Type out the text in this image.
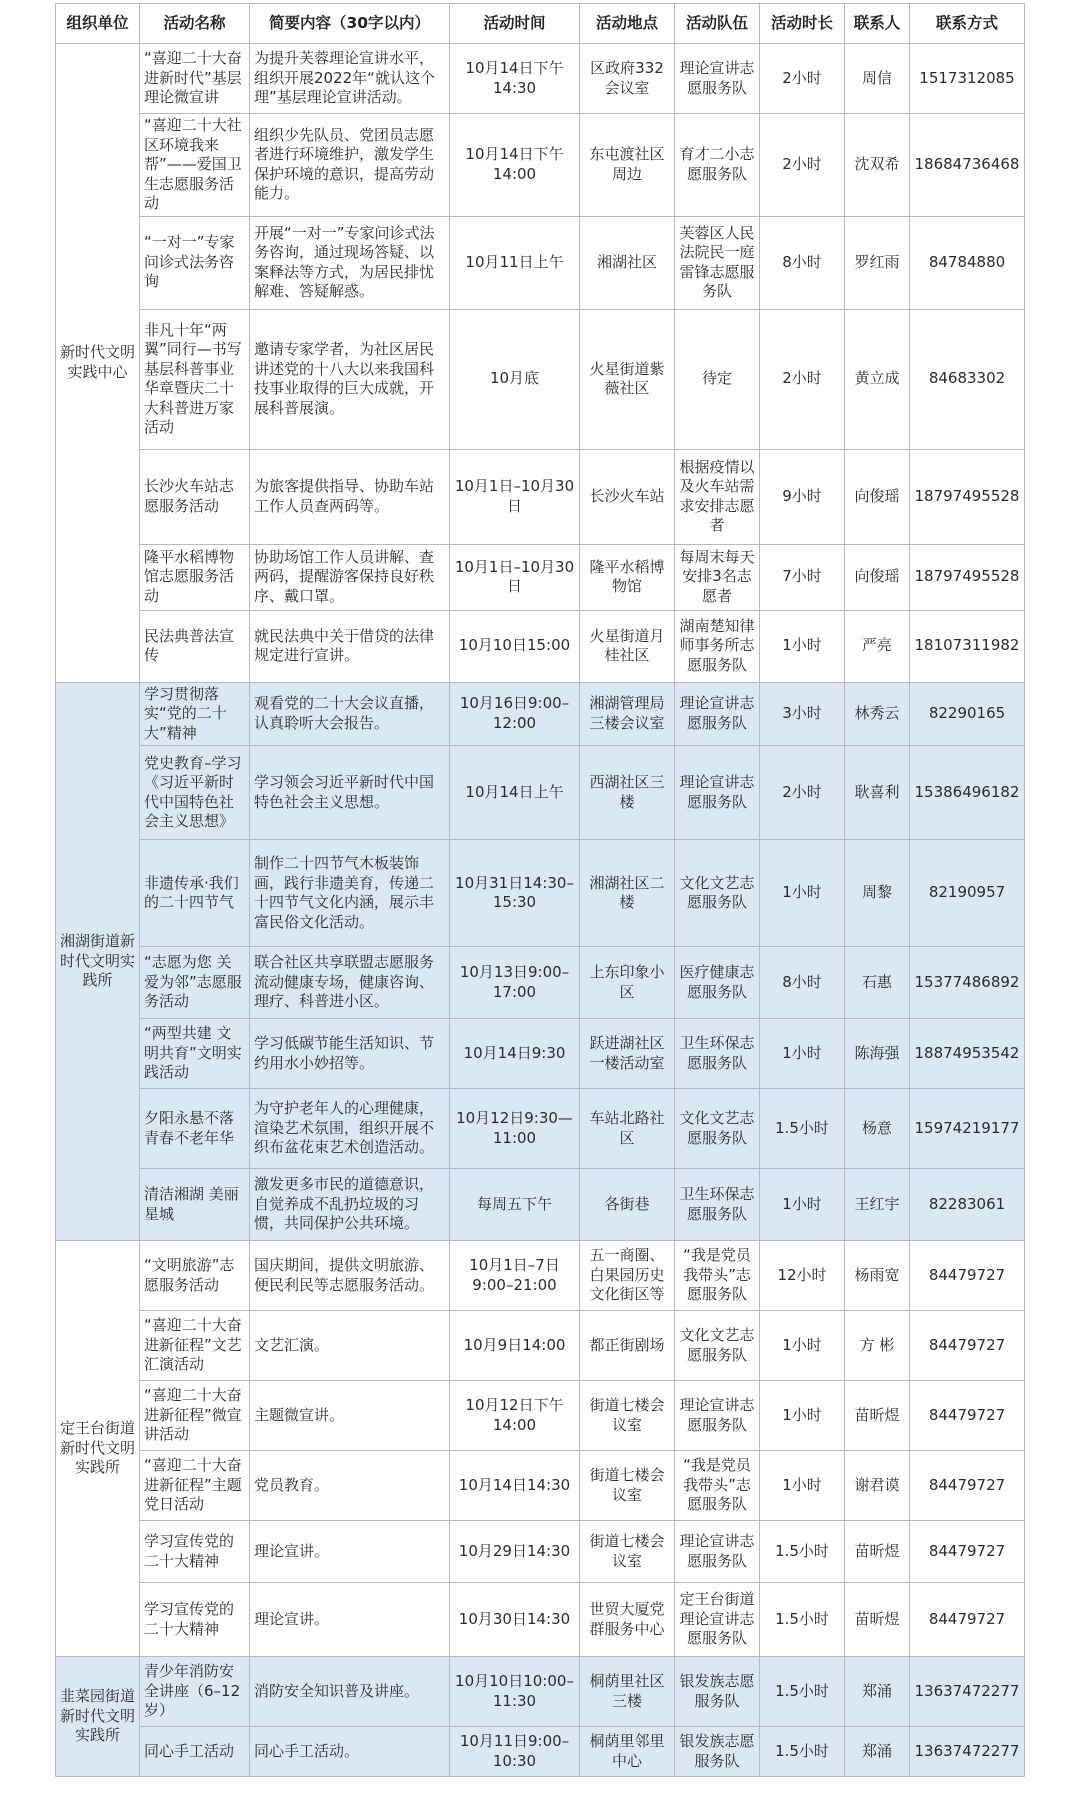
组织单位	活动名称	简要内容（30字以内）	活动时间	活动地点	活动队伍	活动时长	联系人	联系方式
新时代文明实践中心	“喜迎二十大奋进新时代”基层理论微宣讲	为提升芙蓉理论宣讲水平，组织开展2022年“就认这个理”基层理论宣讲活动。	10月14日下午14:30	区政府332会议室	理论宣讲志愿服务队	2小时	周信	1517312085
	“喜迎二十大社区环境我来帮”——爱国卫生志愿服务活动	组织少先队员、党团员志愿者进行环境维护，激发学生保护环境的意识，提高劳动能力。	10月14日下午14:00	东屯渡社区周边	育才二小志愿服务队	2小时	沈双希	18684736468
	“一对一”专家问诊式法务咨询	开展“一对一”专家问诊式法务咨询，通过现场答疑、以案释法等方式，为居民排忧解难、答疑解惑。	10月11日上午	湘湖社区	芙蓉区人民法院民一庭雷锋志愿服务队	8小时	罗红雨	84784880
	非凡十年“两翼”同行—书写基层科普事业华章暨庆二十大科普进万家活动	邀请专家学者，为社区居民讲述党的十八大以来我国科技事业取得的巨大成就，开展科普展演。	10月底	火星街道紫薇社区	待定	2小时	黄立成	84683302
	长沙火车站志愿服务活动	为旅客提供指导、协助车站工作人员查两码等。	10月1日–10月30日	长沙火车站	根据疫情以及火车站需求安排志愿者	9小时	向俊瑶	18797495528
	隆平水稻博物馆志愿服务活动	协助场馆工作人员讲解、查两码，提醒游客保持良好秩序、戴口罩。	10月1日–10月30日	隆平水稻博物馆	每周末每天安排3名志愿者	7小时	向俊瑶	18797495528
	民法典普法宣传	就民法典中关于借贷的法律规定进行宣讲。	10月10日15:00	火星街道月桂社区	湖南楚知律师事务所志愿服务队	1小时	严亮	18107311982
湘湖街道新时代文明实践所	学习贯彻落实“党的二十大”精神	观看党的二十大会议直播，认真聆听大会报告。	10月16日9:00–12:00	湘湖管理局三楼会议室	理论宣讲志愿服务队	3小时	林秀云	82290165
	党史教育–学习《习近平新时代中国特色社会主义思想》	学习领会习近平新时代中国特色社会主义思想。	10月14日上午	西湖社区三楼	理论宣讲志愿服务队	2小时	耿喜利	15386496182
	非遗传承·我们的二十四节气	制作二十四节气木板装饰画，践行非遗美育，传递二十四节气文化内涵，展示丰富民俗文化活动。	10月31日14:30–15:30	湘湖社区二楼	文化文艺志愿服务队	1小时	周黎	82190957
	“志愿为您 关爱为邻”志愿服务活动	联合社区共享联盟志愿服务流动健康专场，健康咨询、理疗、科普进小区。	10月13日9:00–17:00	上东印象小区	医疗健康志愿服务队	8小时	石惠	15377486892
	“两型共建 文明共育”文明实践活动	学习低碳节能生活知识、节约用水小妙招等。	10月14日9:30	跃进湖社区一楼活动室	卫生环保志愿服务队	1小时	陈海强	18874953542
	夕阳永悬不落青春不老年华	为守护老年人的心理健康，渲染艺术氛围，组织开展不织布盆花束艺术创造活动。	10月12日9:30—11:00	车站北路社区	文化文艺志愿服务队	1.5小时	杨意	15974219177
	清洁湘湖 美丽星城	激发更多市民的道德意识，自觉养成不乱扔垃圾的习惯，共同保护公共环境。	每周五下午	各街巷	卫生环保志愿服务队	1小时	王红宇	82283061
定王台街道新时代文明实践所	“文明旅游”志愿服务活动	国庆期间，提供文明旅游、便民利民等志愿服务活动。	10月1日–7日9:00–21:00	五一商圈、白果园历史文化街区等	“我是党员我带头”志愿服务队	12小时	杨雨宽	84479727
	“喜迎二十大奋进新征程”文艺汇演活动	文艺汇演。	10月9日14:00	都正街剧场	文化文艺志愿服务队	1小时	方 彬	84479727
	“喜迎二十大奋进新征程”微宣讲活动	主题微宣讲。	10月12日下午14:00	街道七楼会议室	理论宣讲志愿服务队	1小时	苗昕煜	84479727
	“喜迎二十大奋进新征程”主题党日活动	党员教育。	10月14日14:30	街道七楼会议室	“我是党员我带头”志愿服务队	1小时	谢君谟	84479727
	学习宣传党的二十大精神	理论宣讲。	10月29日14:30	街道七楼会议室	理论宣讲志愿服务队	1.5小时	苗昕煜	84479727
	学习宣传党的二十大精神	理论宣讲。	10月30日14:30	世贸大厦党群服务中心	定王台街道理论宣讲志愿服务队	1.5小时	苗昕煜	84479727
韭菜园街道新时代文明实践所	青少年消防安全讲座（6–12岁）	消防安全知识普及讲座。	10月10日10:00–11:30	桐荫里社区三楼	银发族志愿服务队	1.5小时	郑涌	13637472277
	同心手工活动	同心手工活动。	10月11日9:00–10:30	桐荫里邻里中心	银发族志愿服务队	1.5小时	郑涌	13637472277
